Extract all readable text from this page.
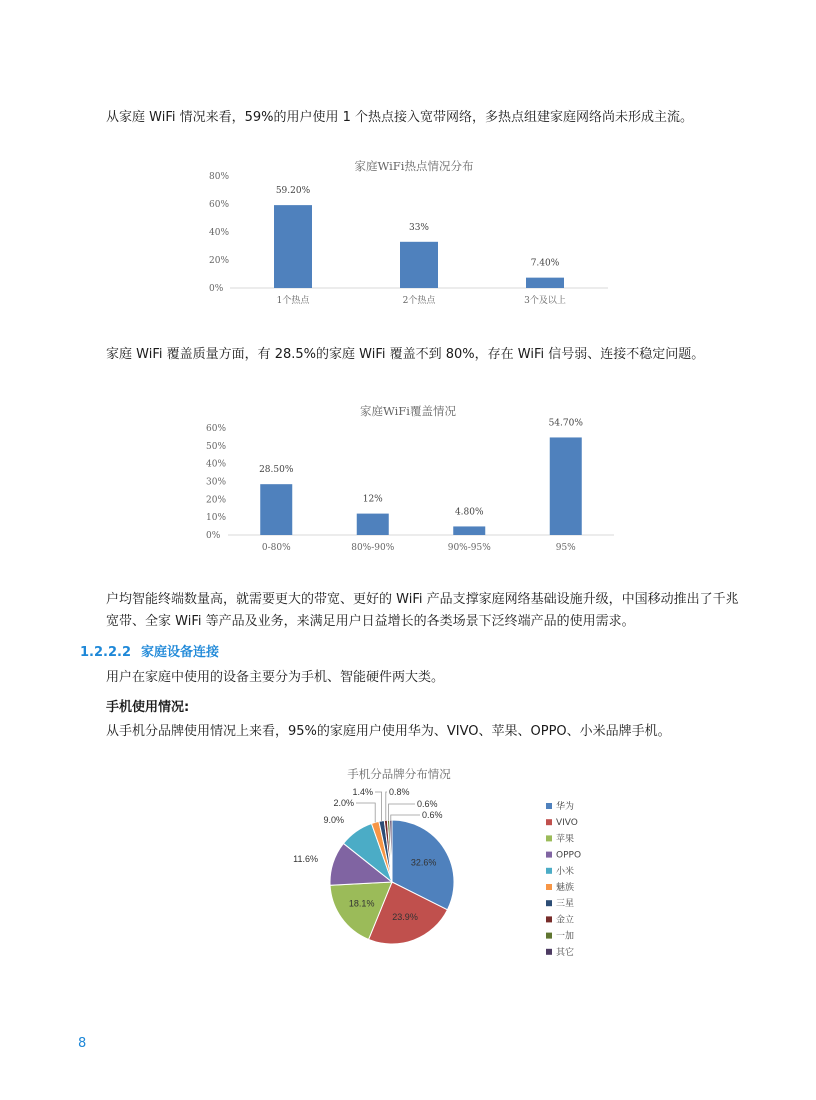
从家庭 WiFi 情况来看，59%的用户使用 1 个热点接入宽带网络，多热点组建家庭网络尚未形成主流。

家庭WiFi热点情况分布
0%
20%
40%
60%
80%
59.20%
1个热点
33%
2个热点
7.40%
3个及以上

家庭 WiFi 覆盖质量方面，有 28.5%的家庭 WiFi 覆盖不到 80%，存在 WiFi 信号弱、连接不稳定问题。

家庭WiFi覆盖情况
0%
10%
20%
30%
40%
50%
60%
28.50%
0-80%
12%
80%-90%
4.80%
90%-95%
54.70%
95%

户均智能终端数量高，就需要更大的带宽、更好的 WiFi 产品支撑家庭网络基础设施升级，中国移动推出了千兆宽带、全家 WiFi 等产品及业务，来满足用户日益增长的各类场景下泛终端产品的使用需求。

1.2.2.2 家庭设备连接

用户在家庭中使用的设备主要分为手机、智能硬件两大类。

手机使用情况:

从手机分品牌使用情况上来看，95%的家庭用户使用华为、VIVO、苹果、OPPO、小米品牌手机。

手机分品牌分布情况
32.6%
23.9%
18.1%
11.6%
9.0%
2.0%
1.4% 0.8%
0.6%
0.6%
华为
VIVO
苹果
OPPO
小米
魅族
三星
金立
一加
其它
8
